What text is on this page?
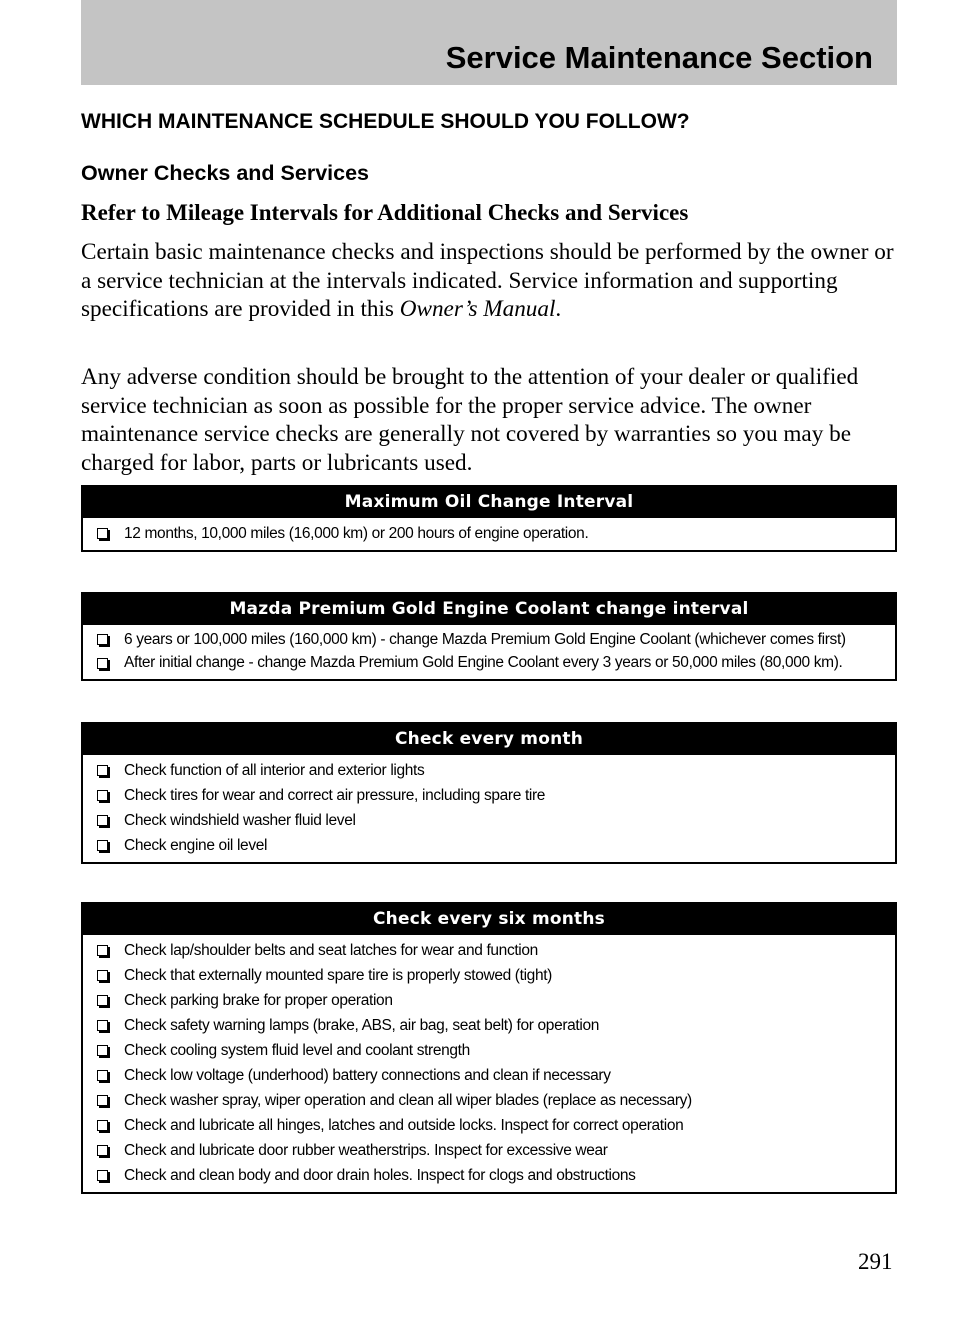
Service Maintenance Section
WHICH MAINTENANCE SCHEDULE SHOULD YOU FOLLOW?
Owner Checks and Services
Refer to Mileage Intervals for Additional Checks and Services

Certain basic maintenance checks and inspections should be performed by the owner or a service technician at the intervals indicated. Service information and supporting specifications are provided in this Owner’s Manual.

Any adverse condition should be brought to the attention of your dealer or qualified service technician as soon as possible for the proper service advice. The owner maintenance service checks are generally not covered by warranties so you may be charged for labor, parts or lubricants used.

Maximum Oil Change Interval
12 months, 10,000 miles (16,000 km) or 200 hours of engine operation.
Mazda Premium Gold Engine Coolant change interval
6 years or 100,000 miles (160,000 km) - change Mazda Premium Gold Engine Coolant (whichever comes first)
After initial change - change Mazda Premium Gold Engine Coolant every 3 years or 50,000 miles (80,000 km).
Check every month
Check function of all interior and exterior lights
Check tires for wear and correct air pressure, including spare tire
Check windshield washer fluid level
Check engine oil level
Check every six months
Check lap/shoulder belts and seat latches for wear and function
Check that externally mounted spare tire is properly stowed (tight)
Check parking brake for proper operation
Check safety warning lamps (brake, ABS, air bag, seat belt) for operation
Check cooling system fluid level and coolant strength
Check low voltage (underhood) battery connections and clean if necessary
Check washer spray, wiper operation and clean all wiper blades (replace as necessary)
Check and lubricate all hinges, latches and outside locks. Inspect for correct operation
Check and lubricate door rubber weatherstrips. Inspect for excessive wear
Check and clean body and door drain holes. Inspect for clogs and obstructions

291
